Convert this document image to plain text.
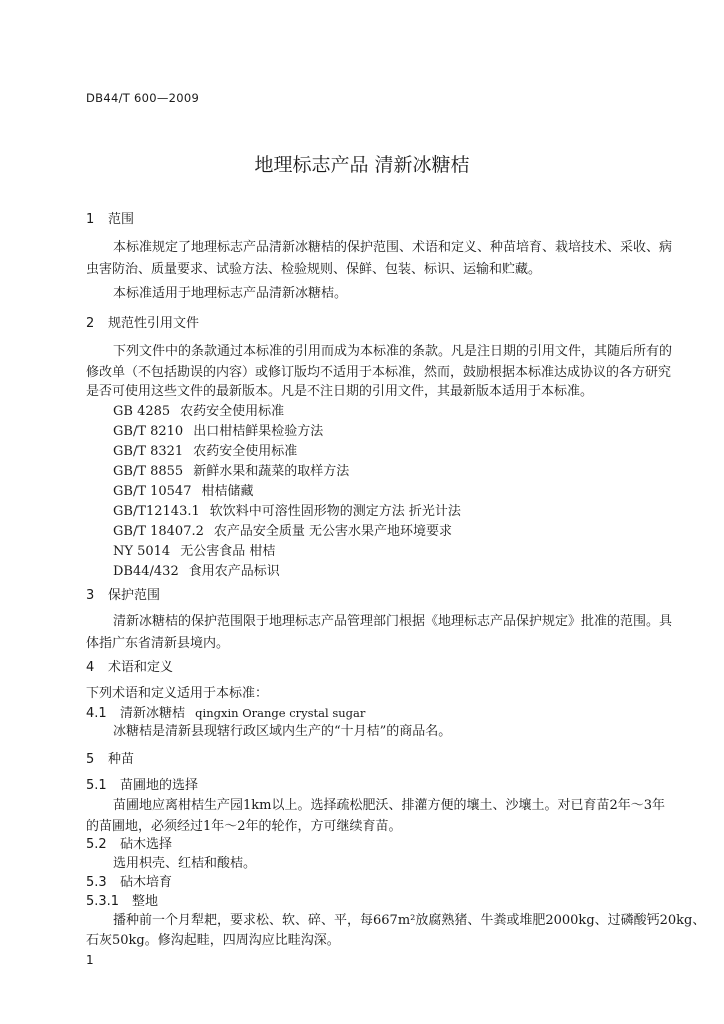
DB44/T 600—2009
地理标志产品 清新冰糖桔
1 范围
本标准规定了地理标志产品清新冰糖桔的保护范围、术语和定义、种苗培育、栽培技术、采收、病
虫害防治、质量要求、试验方法、检验规则、保鲜、包装、标识、运输和贮藏。
本标准适用于地理标志产品清新冰糖桔。
2 规范性引用文件
下列文件中的条款通过本标准的引用而成为本标准的条款。凡是注日期的引用文件，其随后所有的
修改单（不包括勘误的内容）或修订版均不适用于本标准，然而，鼓励根据本标准达成协议的各方研究
是否可使用这些文件的最新版本。凡是不注日期的引用文件，其最新版本适用于本标准。
GB 4285 农药安全使用标准
GB/T 8210 出口柑桔鲜果检验方法
GB/T 8321 农药安全使用标准
GB/T 8855 新鲜水果和蔬菜的取样方法
GB/T 10547 柑桔储藏
GB/T12143.1 软饮料中可溶性固形物的测定方法 折光计法
GB/T 18407.2 农产品安全质量 无公害水果产地环境要求
NY 5014 无公害食品 柑桔
DB44/432 食用农产品标识
3 保护范围
清新冰糖桔的保护范围限于地理标志产品管理部门根据《地理标志产品保护规定》批准的范围。具
体指广东省清新县境内。
4 术语和定义
下列术语和定义适用于本标准：
4.1 清新冰糖桔 qingxin Orange crystal sugar
冰糖桔是清新县现辖行政区域内生产的“十月桔”的商品名。
5 种苗
5.1 苗圃地的选择
苗圃地应离柑桔生产园1km以上。选择疏松肥沃、排灌方便的壤土、沙壤土。对已育苗2年～3年
的苗圃地，必须经过1年～2年的轮作，方可继续育苗。
5.2 砧木选择
选用枳壳、红桔和酸桔。
5.3 砧木培育
5.3.1 整地
播种前一个月犁耙，要求松、软、碎、平，每667m²放腐熟猪、牛粪或堆肥2000kg、过磷酸钙20kg、
石灰50kg。修沟起畦，四周沟应比畦沟深。
1
